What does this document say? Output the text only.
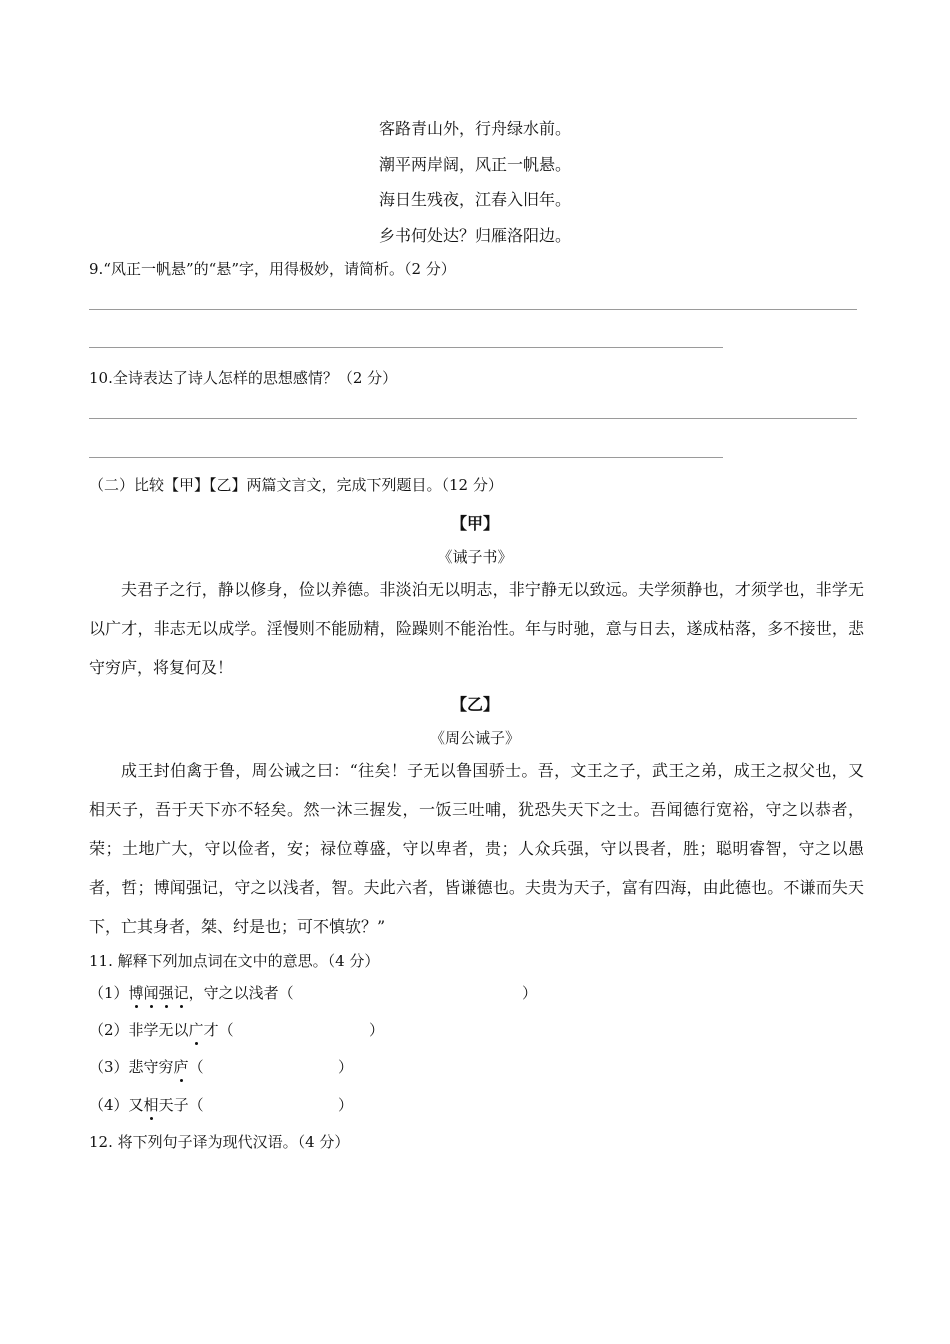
客路青山外，行舟绿水前。
潮平两岸阔，风正一帆悬。
海日生残夜，江春入旧年。
乡书何处达？归雁洛阳边。
9.“风正一帆悬”的“悬”字，用得极妙，请简析。（2 分）
10.全诗表达了诗人怎样的思想感情？（2 分）
（二）比较【甲】【乙】两篇文言文，完成下列题目。（12 分）
【甲】
《诫子书》

夫君子之行，静以修身，俭以养德。非淡泊无以明志，非宁静无以致远。夫学须静也，才须学也，非学无以广才，非志无以成学。淫慢则不能励精，险躁则不能治性。年与时驰，意与日去，遂成枯落，多不接世，悲守穷庐，将复何及！

【乙】
《周公诫子》

成王封伯禽于鲁，周公诫之曰：“往矣！子无以鲁国骄士。吾，文王之子，武王之弟，成王之叔父也，又相天子，吾于天下亦不轻矣。然一沐三握发，一饭三吐哺，犹恐失天下之士。吾闻德行宽裕，守之以恭者，荣；土地广大，守以俭者，安；禄位尊盛，守以卑者，贵；人众兵强，守以畏者，胜；聪明睿智，守之以愚者，哲；博闻强记，守之以浅者，智。夫此六者，皆谦德也。夫贵为天子，富有四海，由此德也。不谦而失天下，亡其身者，桀、纣是也；可不慎欤？”

11. 解释下列加点词在文中的意思。（4 分）
（1）博闻强记，守之以浅者（	）
（2）非学无以广才（	）
（3）悲守穷庐（	）
（4）又相天子（	）
12. 将下列句子译为现代汉语。（4 分）
